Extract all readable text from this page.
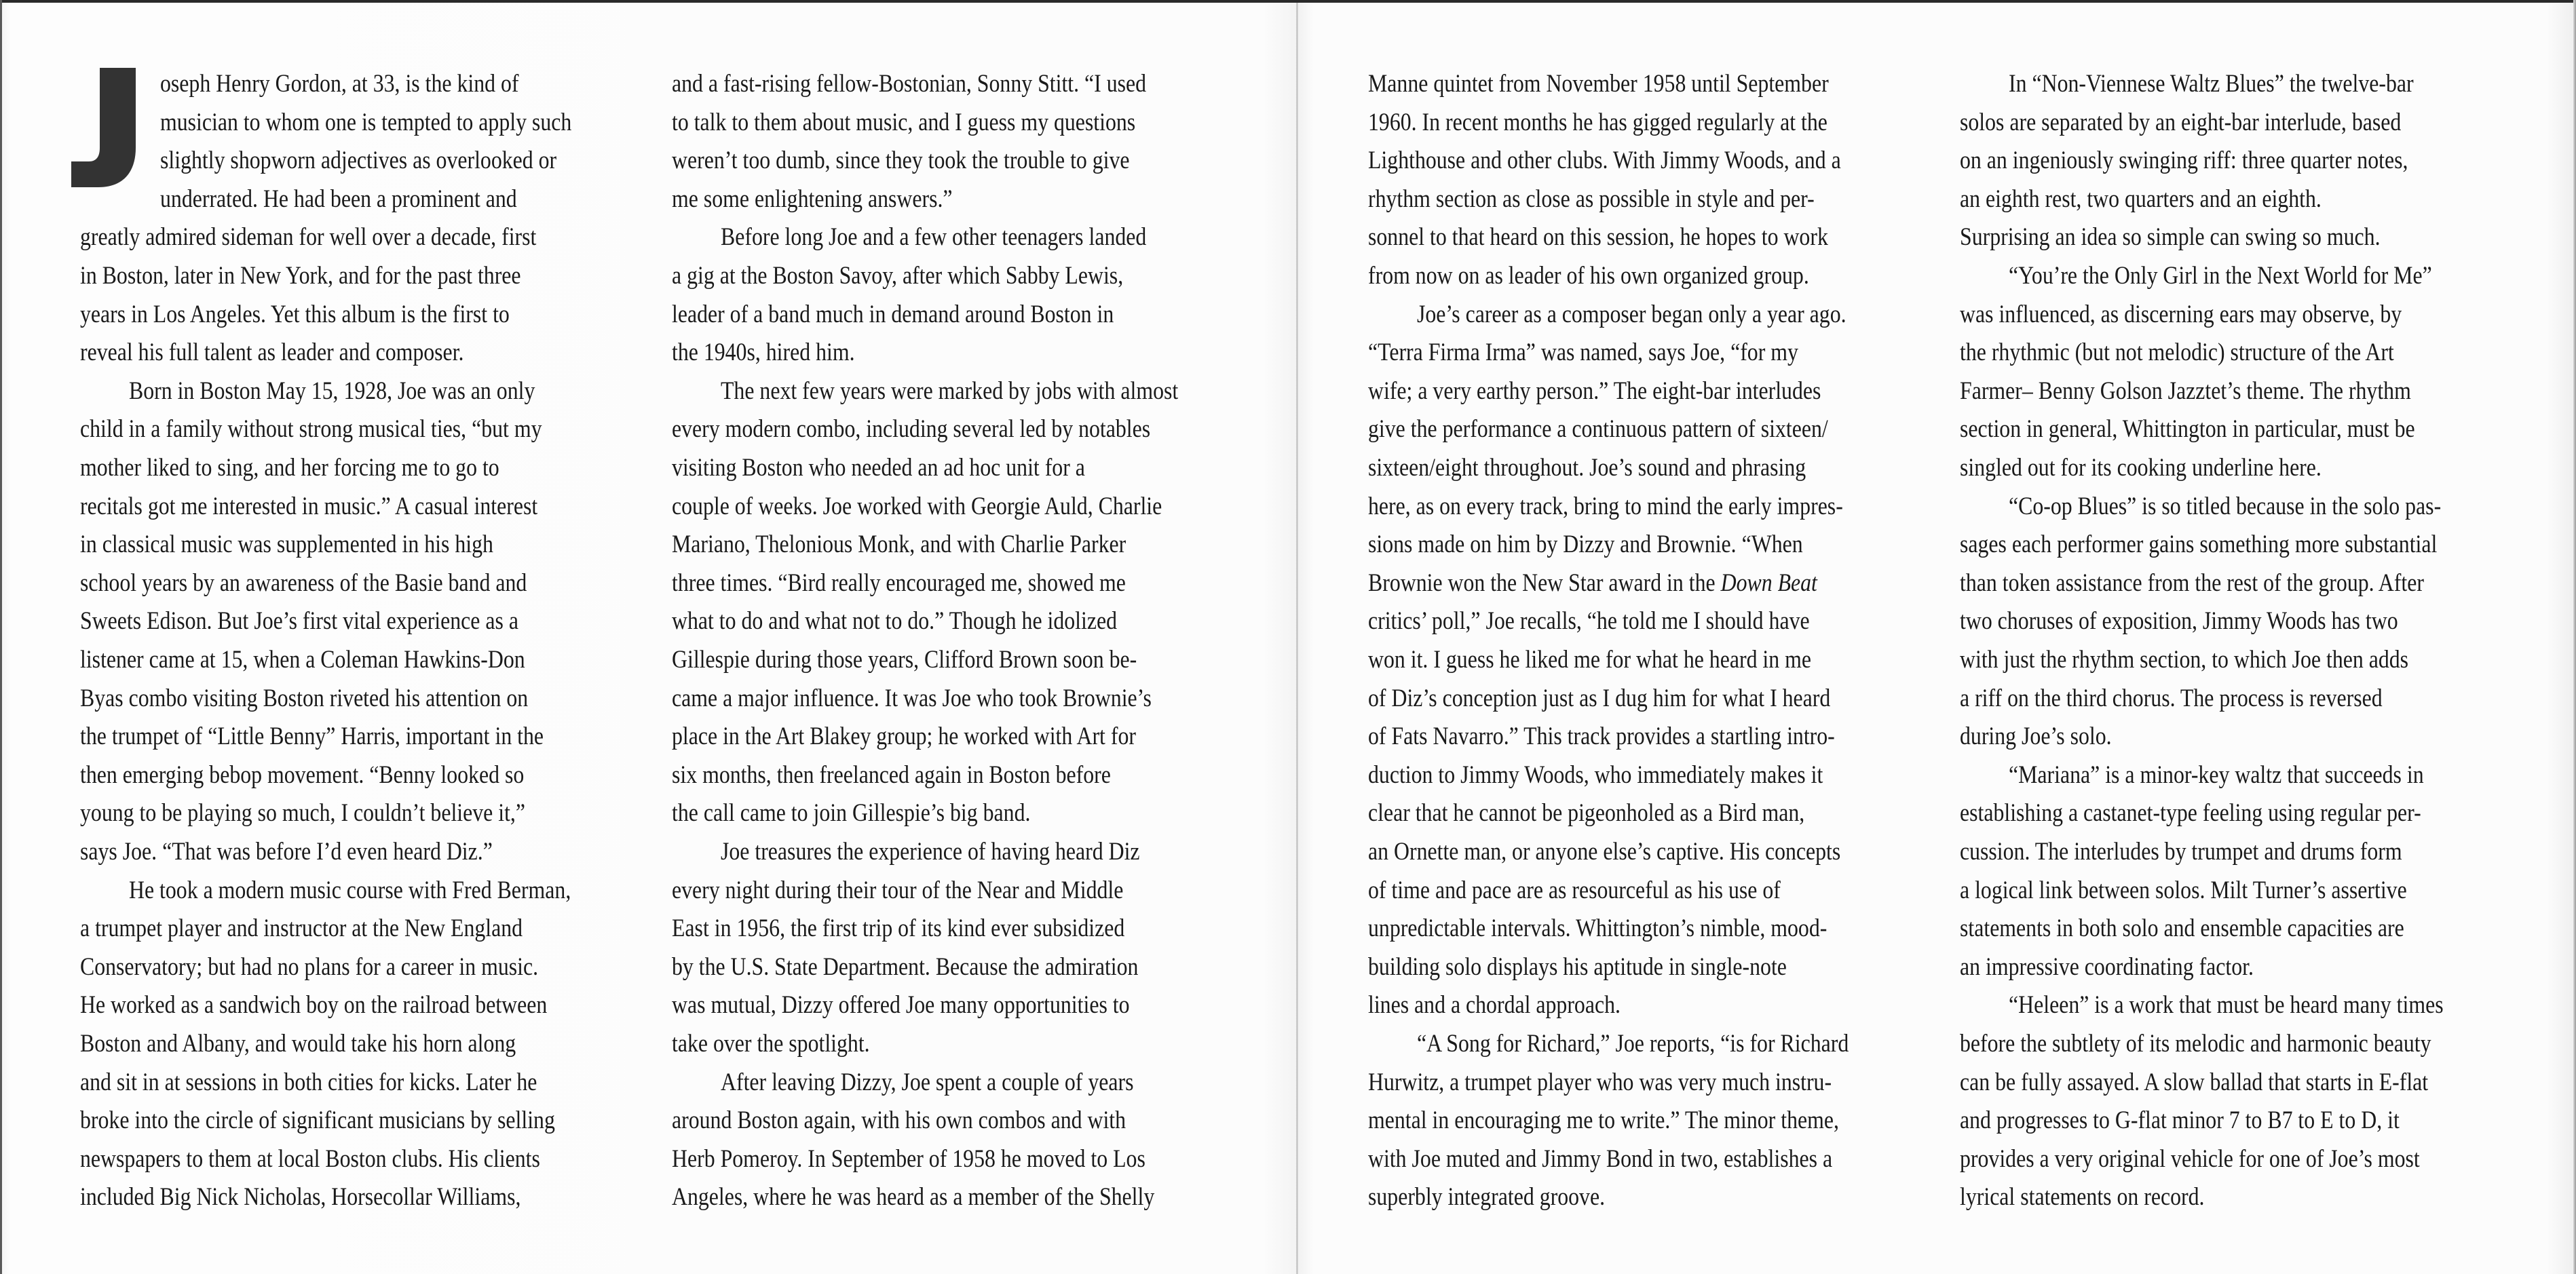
oseph Henry Gordon, at 33, is the kind of
musician to whom one is tempted to apply such
slightly shopworn adjectives as overlooked or
underrated. He had been a prominent and
greatly admired sideman for well over a decade, first
in Boston, later in New York, and for the past three
years in Los Angeles. Yet this album is the first to
reveal his full talent as leader and composer.
Born in Boston May 15, 1928, Joe was an only
child in a family without strong musical ties, “but my
mother liked to sing, and her forcing me to go to
recitals got me interested in music.” A casual interest
in classical music was supplemented in his high
school years by an awareness of the Basie band and
Sweets Edison. But Joe’s first vital experience as a
listener came at 15, when a Coleman Hawkins-Don
Byas combo visiting Boston riveted his attention on
the trumpet of “Little Benny” Harris, important in the
then emerging bebop movement. “Benny looked so
young to be playing so much, I couldn’t believe it,”
says Joe. “That was before I’d even heard Diz.”
He took a modern music course with Fred Berman,
a trumpet player and instructor at the New England
Conservatory; but had no plans for a career in music.
He worked as a sandwich boy on the railroad between
Boston and Albany, and would take his horn along
and sit in at sessions in both cities for kicks. Later he
broke into the circle of significant musicians by selling
newspapers to them at local Boston clubs. His clients
included Big Nick Nicholas, Horsecollar Williams,
and a fast-rising fellow-Bostonian, Sonny Stitt. “I used
to talk to them about music, and I guess my questions
weren’t too dumb, since they took the trouble to give
me some enlightening answers.”
Before long Joe and a few other teenagers landed
a gig at the Boston Savoy, after which Sabby Lewis,
leader of a band much in demand around Boston in
the 1940s, hired him.
The next few years were marked by jobs with almost
every modern combo, including several led by notables
visiting Boston who needed an ad hoc unit for a
couple of weeks. Joe worked with Georgie Auld, Charlie
Mariano, Thelonious Monk, and with Charlie Parker
three times. “Bird really encouraged me, showed me
what to do and what not to do.” Though he idolized
Gillespie during those years, Clifford Brown soon be-
came a major influence. It was Joe who took Brownie’s
place in the Art Blakey group; he worked with Art for
six months, then freelanced again in Boston before
the call came to join Gillespie’s big band.
Joe treasures the experience of having heard Diz
every night during their tour of the Near and Middle
East in 1956, the first trip of its kind ever subsidized
by the U.S. State Department. Because the admiration
was mutual, Dizzy offered Joe many opportunities to
take over the spotlight.
After leaving Dizzy, Joe spent a couple of years
around Boston again, with his own combos and with
Herb Pomeroy. In September of 1958 he moved to Los
Angeles, where he was heard as a member of the Shelly
Manne quintet from November 1958 until September
1960. In recent months he has gigged regularly at the
Lighthouse and other clubs. With Jimmy Woods, and a
rhythm section as close as possible in style and per-
sonnel to that heard on this session, he hopes to work
from now on as leader of his own organized group.
Joe’s career as a composer began only a year ago.
“Terra Firma Irma” was named, says Joe, “for my
wife; a very earthy person.” The eight-bar interludes
give the performance a continuous pattern of sixteen/
sixteen/eight throughout. Joe’s sound and phrasing
here, as on every track, bring to mind the early impres-
sions made on him by Dizzy and Brownie. “When
Brownie won the New Star award in the Down Beat
critics’ poll,” Joe recalls, “he told me I should have
won it. I guess he liked me for what he heard in me
of Diz’s conception just as I dug him for what I heard
of Fats Navarro.” This track provides a startling intro-
duction to Jimmy Woods, who immediately makes it
clear that he cannot be pigeonholed as a Bird man,
an Ornette man, or anyone else’s captive. His concepts
of time and pace are as resourceful as his use of
unpredictable intervals. Whittington’s nimble, mood-
building solo displays his aptitude in single-note
lines and a chordal approach.
“A Song for Richard,” Joe reports, “is for Richard
Hurwitz, a trumpet player who was very much instru-
mental in encouraging me to write.” The minor theme,
with Joe muted and Jimmy Bond in two, establishes a
superbly integrated groove.
In “Non-Viennese Waltz Blues” the twelve-bar
solos are separated by an eight-bar interlude, based
on an ingeniously swinging riff: three quarter notes,
an eighth rest, two quarters and an eighth.
Surprising an idea so simple can swing so much.
“You’re the Only Girl in the Next World for Me”
was influenced, as discerning ears may observe, by
the rhythmic (but not melodic) structure of the Art
Farmer– Benny Golson Jazztet’s theme. The rhythm
section in general, Whittington in particular, must be
singled out for its cooking underline here.
“Co-op Blues” is so titled because in the solo pas-
sages each performer gains something more substantial
than token assistance from the rest of the group. After
two choruses of exposition, Jimmy Woods has two
with just the rhythm section, to which Joe then adds
a riff on the third chorus. The process is reversed
during Joe’s solo.
“Mariana” is a minor-key waltz that succeeds in
establishing a castanet-type feeling using regular per-
cussion. The interludes by trumpet and drums form
a logical link between solos. Milt Turner’s assertive
statements in both solo and ensemble capacities are
an impressive coordinating factor.
“Heleen” is a work that must be heard many times
before the subtlety of its melodic and harmonic beauty
can be fully assayed. A slow ballad that starts in E-flat
and progresses to G-flat minor 7 to B7 to E to D, it
provides a very original vehicle for one of Joe’s most
lyrical statements on record.
